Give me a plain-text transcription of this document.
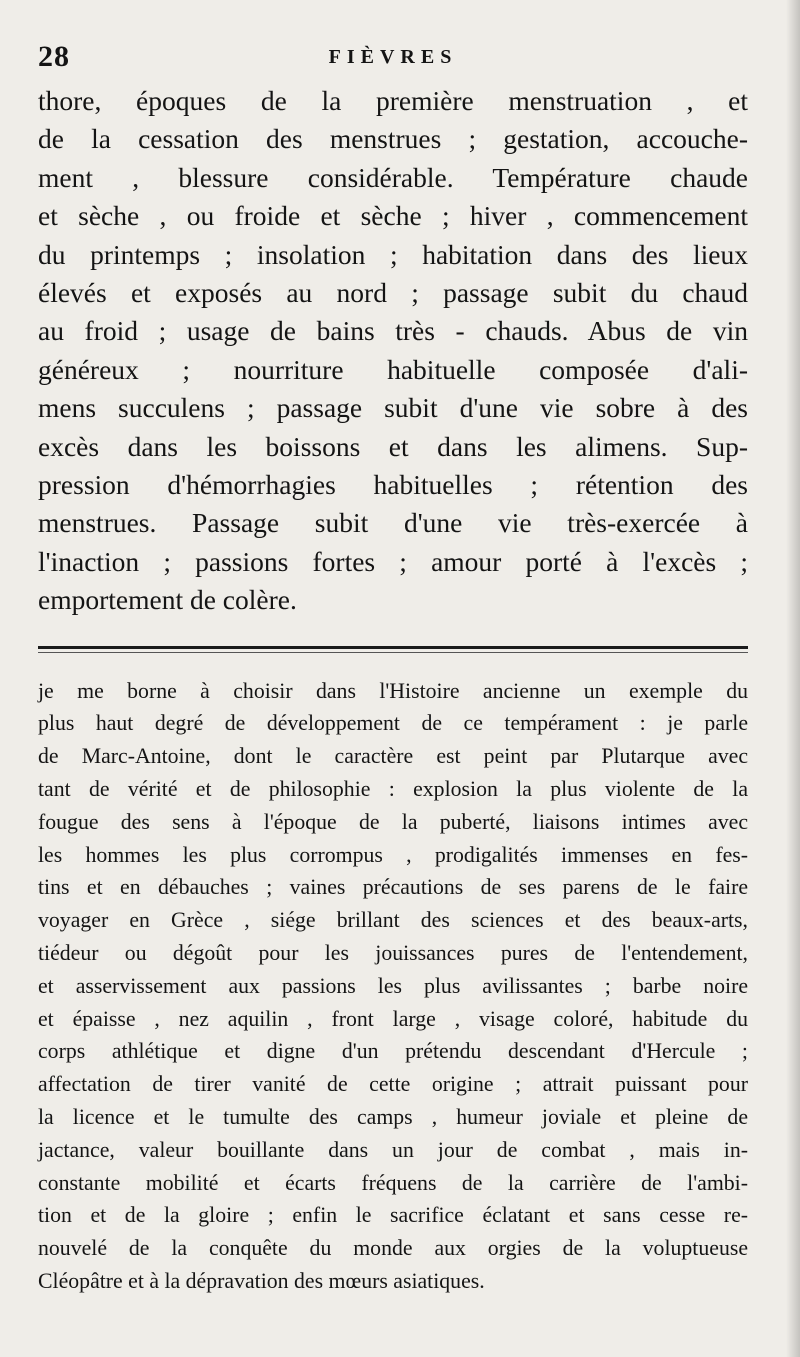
28	FIÈVRES

thore, époques de la première menstruation , et
de la cessation des menstrues ; gestation, accouche-
ment , blessure considérable. Température chaude
et sèche , ou froide et sèche ; hiver , commencement
du printemps ; insolation ; habitation dans des lieux
élevés et exposés au nord ; passage subit du chaud
au froid ; usage de bains très - chauds. Abus de vin
généreux ; nourriture habituelle composée d'ali-
mens succulens ; passage subit d'une vie sobre à des
excès dans les boissons et dans les alimens. Sup-
pression d'hémorrhagies habituelles ; rétention des
menstrues. Passage subit d'une vie très-exercée à
l'inaction ; passions fortes ; amour porté à l'excès ;
emportement de colère.

je me borne à choisir dans l'Histoire ancienne un exemple du
plus haut degré de développement de ce tempérament : je parle
de Marc-Antoine, dont le caractère est peint par Plutarque avec
tant de vérité et de philosophie : explosion la plus violente de la
fougue des sens à l'époque de la puberté, liaisons intimes avec
les hommes les plus corrompus , prodigalités immenses en fes-
tins et en débauches ; vaines précautions de ses parens de le faire
voyager en Grèce , siége brillant des sciences et des beaux-arts,
tiédeur ou dégoût pour les jouissances pures de l'entendement,
et asservissement aux passions les plus avilissantes ; barbe noire
et épaisse , nez aquilin , front large , visage coloré, habitude du
corps athlétique et digne d'un prétendu descendant d'Hercule ;
affectation de tirer vanité de cette origine ; attrait puissant pour
la licence et le tumulte des camps , humeur joviale et pleine de
jactance, valeur bouillante dans un jour de combat , mais in-
constante mobilité et écarts fréquens de la carrière de l'ambi-
tion et de la gloire ; enfin le sacrifice éclatant et sans cesse re-
nouvelé de la conquête du monde aux orgies de la voluptueuse
Cléopâtre et à la dépravation des mœurs asiatiques.
